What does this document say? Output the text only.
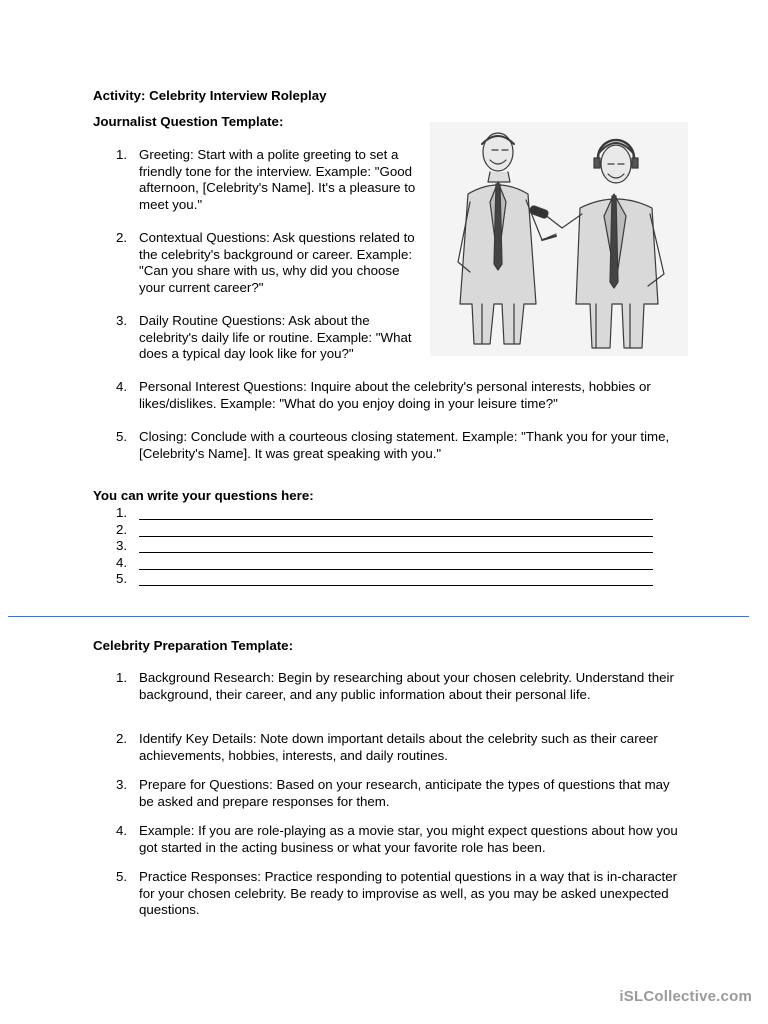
Activity: Celebrity Interview Roleplay
Journalist Question Template:
1. Greeting: Start with a polite greeting to set a friendly tone for the interview. Example: "Good afternoon, [Celebrity's Name]. It's a pleasure to meet you."
2. Contextual Questions: Ask questions related to the celebrity's background or career. Example: "Can you share with us, why did you choose your current career?"
3. Daily Routine Questions: Ask about the celebrity's daily life or routine. Example: "What does a typical day look like for you?"
4. Personal Interest Questions: Inquire about the celebrity's personal interests, hobbies or likes/dislikes. Example: "What do you enjoy doing in your leisure time?"
5. Closing: Conclude with a courteous closing statement. Example: "Thank you for your time, [Celebrity's Name]. It was great speaking with you."
You can write your questions here:
1.
2.
3.
4.
5.
Celebrity Preparation Template:
1. Background Research: Begin by researching about your chosen celebrity. Understand their background, their career, and any public information about their personal life.
2. Identify Key Details: Note down important details about the celebrity such as their career achievements, hobbies, interests, and daily routines.
3. Prepare for Questions: Based on your research, anticipate the types of questions that may be asked and prepare responses for them.
4. Example: If you are role-playing as a movie star, you might expect questions about how you got started in the acting business or what your favorite role has been.
5. Practice Responses: Practice responding to potential questions in a way that is in-character for your chosen celebrity. Be ready to improvise as well, as you may be asked unexpected questions.
iSLCollective.com
